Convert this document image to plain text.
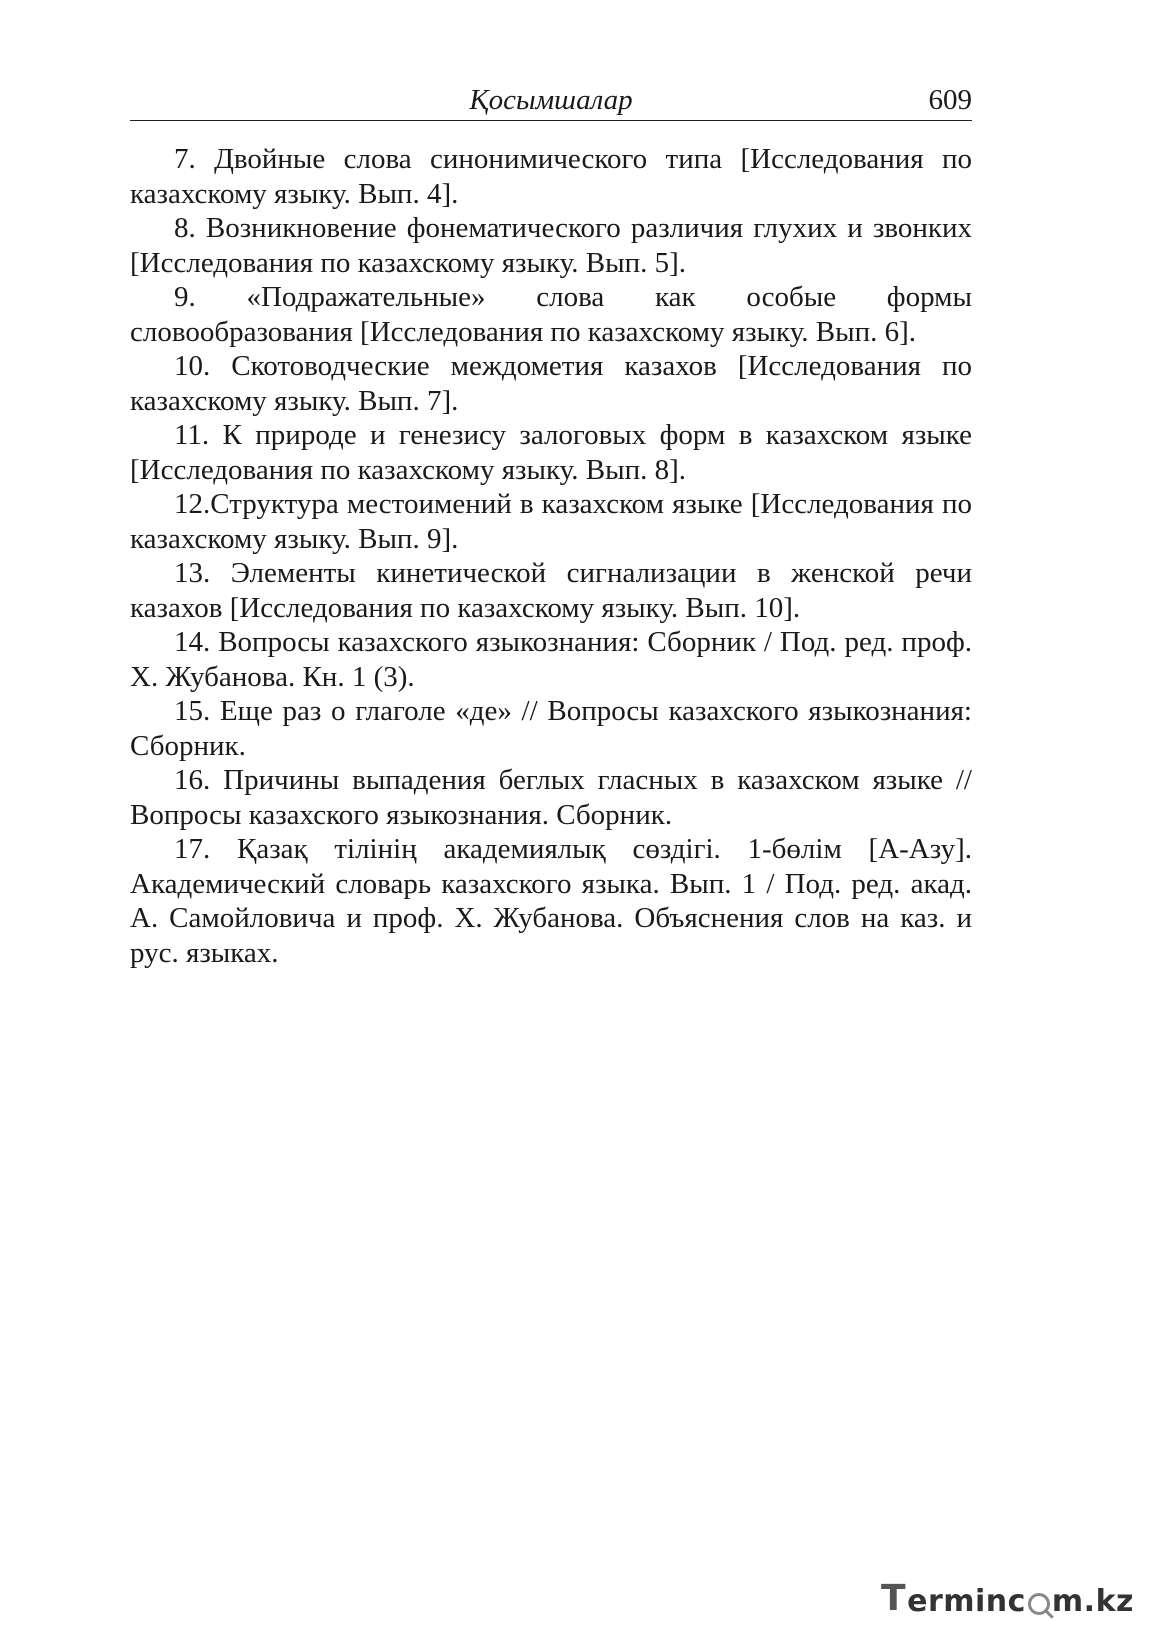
Қосымшалар	609

7. Двойные слова синонимического типа [Исследования по казахскому языку. Вып. 4].

8. Возникновение фонематического различия глухих и звонких [Исследования по казахскому языку. Вып. 5].

9. «Подражательные» слова как особые формы словообразования [Исследования по казахскому языку. Вып. 6].

10. Скотоводческие междометия казахов [Исследования по казахскому языку. Вып. 7].

11. К природе и генезису залоговых форм в казахском языке [Исследования по казахскому языку. Вып. 8].

12.Структура местоимений в казахском языке [Исследования по казахскому языку. Вып. 9].

13. Элементы кинетической сигнализации в женской речи казахов [Исследования по казахскому языку. Вып. 10].

14. Вопросы казахского языкознания: Сборник / Под. ред. проф. Х. Жубанова. Кн. 1 (3).

15. Еще раз о глаголе «де» // Вопросы казахского языкознания: Сборник.

16. Причины выпадения беглых гласных в казахском языке // Вопросы казахского языкознания. Сборник.

17. Қазақ тілінің академиялық сөздігі. 1-бөлім [А-Азу]. Академический словарь казахского языка. Вып. 1 / Под. ред. акад. А. Самойловича и проф. Х. Жубанова. Объяснения слов на каз. и рус. языках.

T erminc m.kz
